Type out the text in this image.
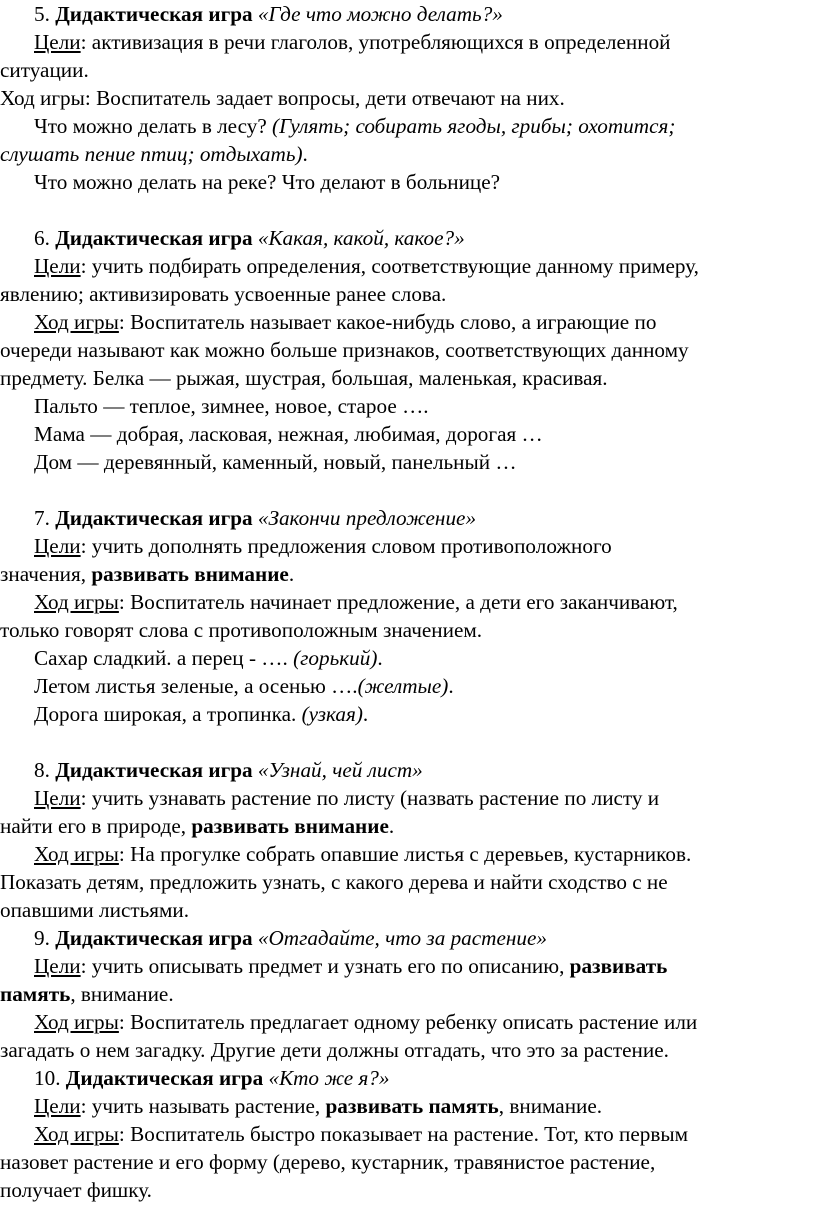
5. Дидактическая игра «Где что можно делать?»
Цели: активизация в речи глаголов, употребляющихся в определенной
ситуации.
Ход игры: Воспитатель задает вопросы, дети отвечают на них.
Что можно делать в лесу? (Гулять; собирать ягоды, грибы; охотится;
слушать пение птиц; отдыхать).
Что можно делать на реке? Что делают в больнице?
6. Дидактическая игра «Какая, какой, какое?»
Цели: учить подбирать определения, соответствующие данному примеру,
явлению; активизировать усвоенные ранее слова.
Ход игры: Воспитатель называет какое-нибудь слово, а играющие по
очереди называют как можно больше признаков, соответствующих данному
предмету. Белка — рыжая, шустрая, большая, маленькая, красивая.
Пальто — теплое, зимнее, новое, старое ….
Мама — добрая, ласковая, нежная, любимая, дорогая …
Дом — деревянный, каменный, новый, панельный …
7. Дидактическая игра «Закончи предложение»
Цели: учить дополнять предложения словом противоположного
значения, развивать внимание.
Ход игры: Воспитатель начинает предложение, а дети его заканчивают,
только говорят слова с противоположным значением.
Сахар сладкий. а перец - …. (горький).
Летом листья зеленые, а осенью ….(желтые).
Дорога широкая, а тропинка. (узкая).
8. Дидактическая игра «Узнай, чей лист»
Цели: учить узнавать растение по листу (назвать растение по листу и
найти его в природе, развивать внимание.
Ход игры: На прогулке собрать опавшие листья с деревьев, кустарников.
Показать детям, предложить узнать, с какого дерева и найти сходство с не
опавшими листьями.
9. Дидактическая игра «Отгадайте, что за растение»
Цели: учить описывать предмет и узнать его по описанию, развивать
память, внимание.
Ход игры: Воспитатель предлагает одному ребенку описать растение или
загадать о нем загадку. Другие дети должны отгадать, что это за растение.
10. Дидактическая игра «Кто же я?»
Цели: учить называть растение, развивать память, внимание.
Ход игры: Воспитатель быстро показывает на растение. Тот, кто первым
назовет растение и его форму (дерево, кустарник, травянистое растение,
получает фишку.
